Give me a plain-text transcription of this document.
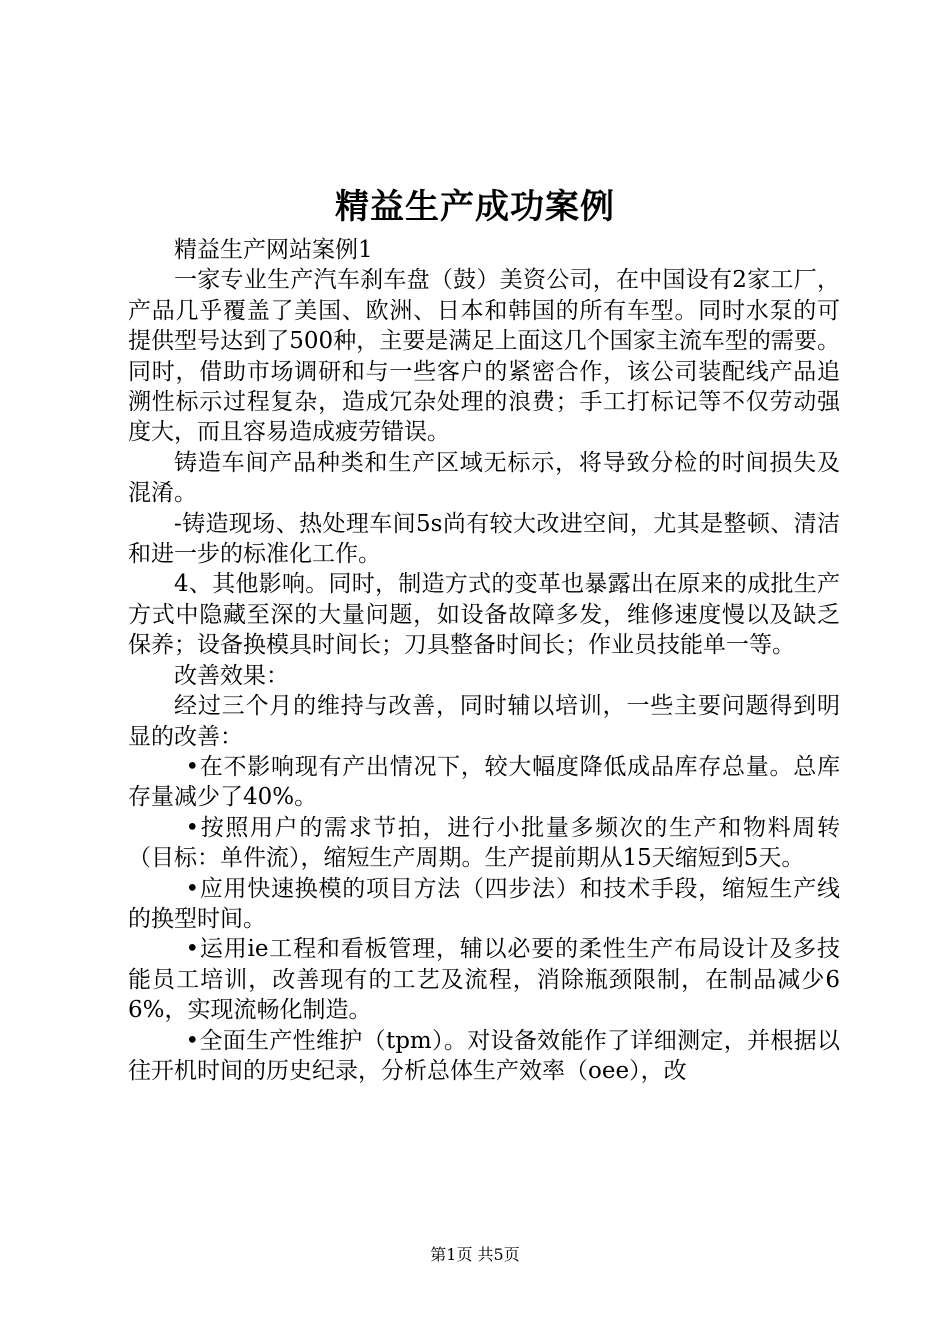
精益生产成功案例

精益生产网站案例1

一家专业生产汽车刹车盘（鼓）美资公司，在中国设有2家工厂，产品几乎覆盖了美国、欧洲、日本和韩国的所有车型。同时水泵的可提供型号达到了500种，主要是满足上面这几个国家主流车型的需要。同时，借助市场调研和与一些客户的紧密合作，该公司装配线产品追溯性标示过程复杂，造成冗杂处理的浪费；手工打标记等不仅劳动强度大，而且容易造成疲劳错误。

铸造车间产品种类和生产区域无标示，将导致分检的时间损失及混淆。

-铸造现场、热处理车间5s尚有较大改进空间，尤其是整顿、清洁和进一步的标准化工作。

4、其他影响。同时，制造方式的变革也暴露出在原来的成批生产方式中隐藏至深的大量问题，如设备故障多发，维修速度慢以及缺乏保养；设备换模具时间长；刀具整备时间长；作业员技能单一等。

改善效果：

经过三个月的维持与改善，同时辅以培训，一些主要问题得到明显的改善：

•在不影响现有产出情况下，较大幅度降低成品库存总量。总库存量减少了40%。

•按照用户的需求节拍，进行小批量多频次的生产和物料周转（目标：单件流），缩短生产周期。生产提前期从15天缩短到5天。

•应用快速换模的项目方法（四步法）和技术手段，缩短生产线的换型时间。

•运用ie工程和看板管理，辅以必要的柔性生产布局设计及多技能员工培训，改善现有的工艺及流程，消除瓶颈限制，在制品减少66%，实现流畅化制造。

•全面生产性维护（tpm）。对设备效能作了详细测定，并根据以往开机时间的历史纪录，分析总体生产效率（oee），改

第1页 共5页
